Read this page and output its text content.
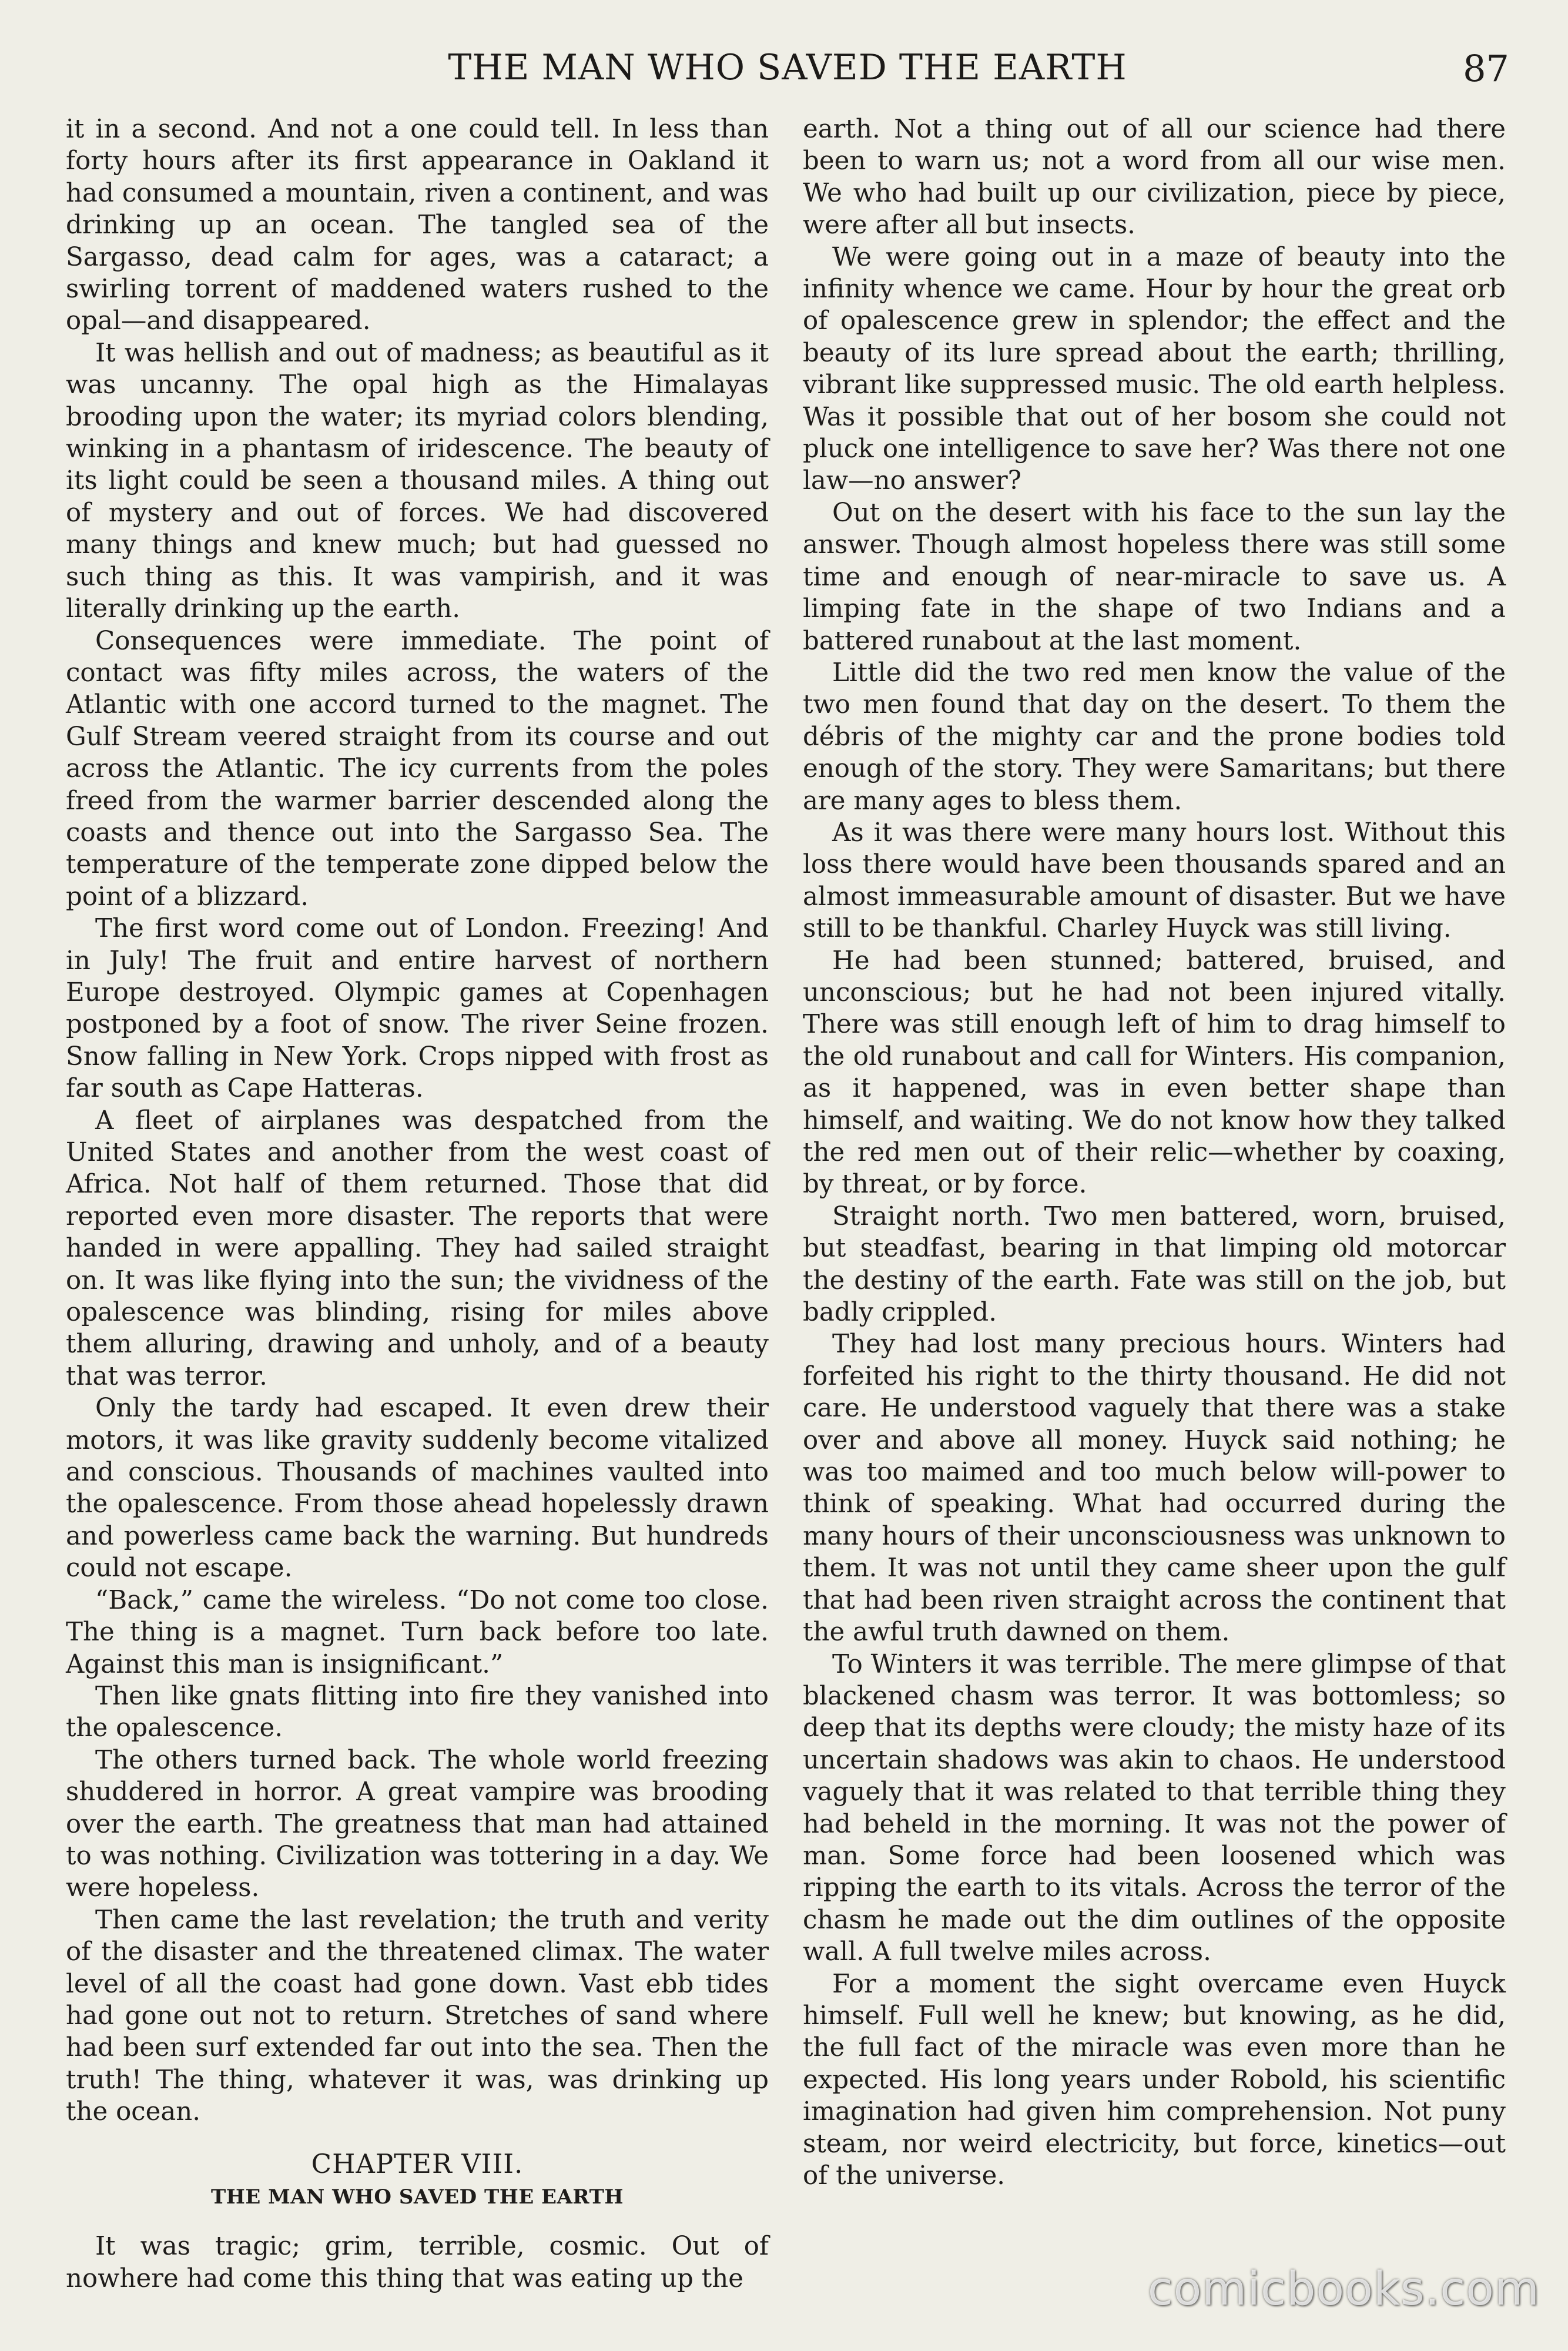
THE MAN WHO SAVED THE EARTH	87

it in a second. And not a one could tell. In less than forty hours after its first appearance in Oakland it had consumed a mountain, riven a continent, and was drinking up an ocean. The tangled sea of the Sargasso, dead calm for ages, was a cataract; a swirling torrent of maddened waters rushed to the opal—and disappeared.

It was hellish and out of madness; as beautiful as it was uncanny. The opal high as the Himalayas brooding upon the water; its myriad colors blending, winking in a phantasm of iridescence. The beauty of its light could be seen a thousand miles. A thing out of mystery and out of forces. We had discovered many things and knew much; but had guessed no such thing as this. It was vampirish, and it was literally drinking up the earth.

Consequences were immediate. The point of contact was fifty miles across, the waters of the Atlantic with one accord turned to the magnet. The Gulf Stream veered straight from its course and out across the Atlantic. The icy currents from the poles freed from the warmer barrier descended along the coasts and thence out into the Sargasso Sea. The temperature of the temperate zone dipped below the point of a blizzard.

The first word come out of London. Freezing! And in July! The fruit and entire harvest of northern Europe destroyed. Olympic games at Copenhagen postponed by a foot of snow. The river Seine frozen. Snow falling in New York. Crops nipped with frost as far south as Cape Hatteras.

A fleet of airplanes was despatched from the United States and another from the west coast of Africa. Not half of them returned. Those that did reported even more disaster. The reports that were handed in were appalling. They had sailed straight on. It was like flying into the sun; the vividness of the opalescence was blinding, rising for miles above them alluring, drawing and unholy, and of a beauty that was terror.

Only the tardy had escaped. It even drew their motors, it was like gravity suddenly become vitalized and conscious. Thousands of machines vaulted into the opalescence. From those ahead hopelessly drawn and powerless came back the warning. But hundreds could not escape.

“Back,” came the wireless. “Do not come too close. The thing is a magnet. Turn back before too late. Against this man is insignificant.”

Then like gnats flitting into fire they vanished into the opalescence.

The others turned back. The whole world freezing shuddered in horror. A great vampire was brooding over the earth. The greatness that man had attained to was nothing. Civilization was tottering in a day. We were hopeless.

Then came the last revelation; the truth and verity of the disaster and the threatened climax. The water level of all the coast had gone down. Vast ebb tides had gone out not to return. Stretches of sand where had been surf extended far out into the sea. Then the truth! The thing, whatever it was, was drinking up the ocean.

CHAPTER VIII.
THE MAN WHO SAVED THE EARTH

It was tragic; grim, terrible, cosmic. Out of nowhere had come this thing that was eating up the

earth. Not a thing out of all our science had there been to warn us; not a word from all our wise men. We who had built up our civilization, piece by piece, were after all but insects.

We were going out in a maze of beauty into the infinity whence we came. Hour by hour the great orb of opalescence grew in splendor; the effect and the beauty of its lure spread about the earth; thrilling, vibrant like suppressed music. The old earth helpless. Was it possible that out of her bosom she could not pluck one intelligence to save her? Was there not one law—no answer?

Out on the desert with his face to the sun lay the answer. Though almost hopeless there was still some time and enough of near-miracle to save us. A limping fate in the shape of two Indians and a battered runabout at the last moment.

Little did the two red men know the value of the two men found that day on the desert. To them the débris of the mighty car and the prone bodies told enough of the story. They were Samaritans; but there are many ages to bless them.

As it was there were many hours lost. Without this loss there would have been thousands spared and an almost immeasurable amount of disaster. But we have still to be thankful. Charley Huyck was still living.

He had been stunned; battered, bruised, and unconscious; but he had not been injured vitally. There was still enough left of him to drag himself to the old runabout and call for Winters. His companion, as it happened, was in even better shape than himself, and waiting. We do not know how they talked the red men out of their relic—whether by coaxing, by threat, or by force.

Straight north. Two men battered, worn, bruised, but steadfast, bearing in that limping old motorcar the destiny of the earth. Fate was still on the job, but badly crippled.

They had lost many precious hours. Winters had forfeited his right to the thirty thousand. He did not care. He understood vaguely that there was a stake over and above all money. Huyck said nothing; he was too maimed and too much below will-power to think of speaking. What had occurred during the many hours of their unconsciousness was unknown to them. It was not until they came sheer upon the gulf that had been riven straight across the continent that the awful truth dawned on them.

To Winters it was terrible. The mere glimpse of that blackened chasm was terror. It was bottomless; so deep that its depths were cloudy; the misty haze of its uncertain shadows was akin to chaos. He understood vaguely that it was related to that terrible thing they had beheld in the morning. It was not the power of man. Some force had been loosened which was ripping the earth to its vitals. Across the terror of the chasm he made out the dim outlines of the opposite wall. A full twelve miles across.

For a moment the sight overcame even Huyck himself. Full well he knew; but knowing, as he did, the full fact of the miracle was even more than he expected. His long years under Robold, his scientific imagination had given him comprehension. Not puny steam, nor weird electricity, but force, kinetics—out of the universe.

comicbooks.com
